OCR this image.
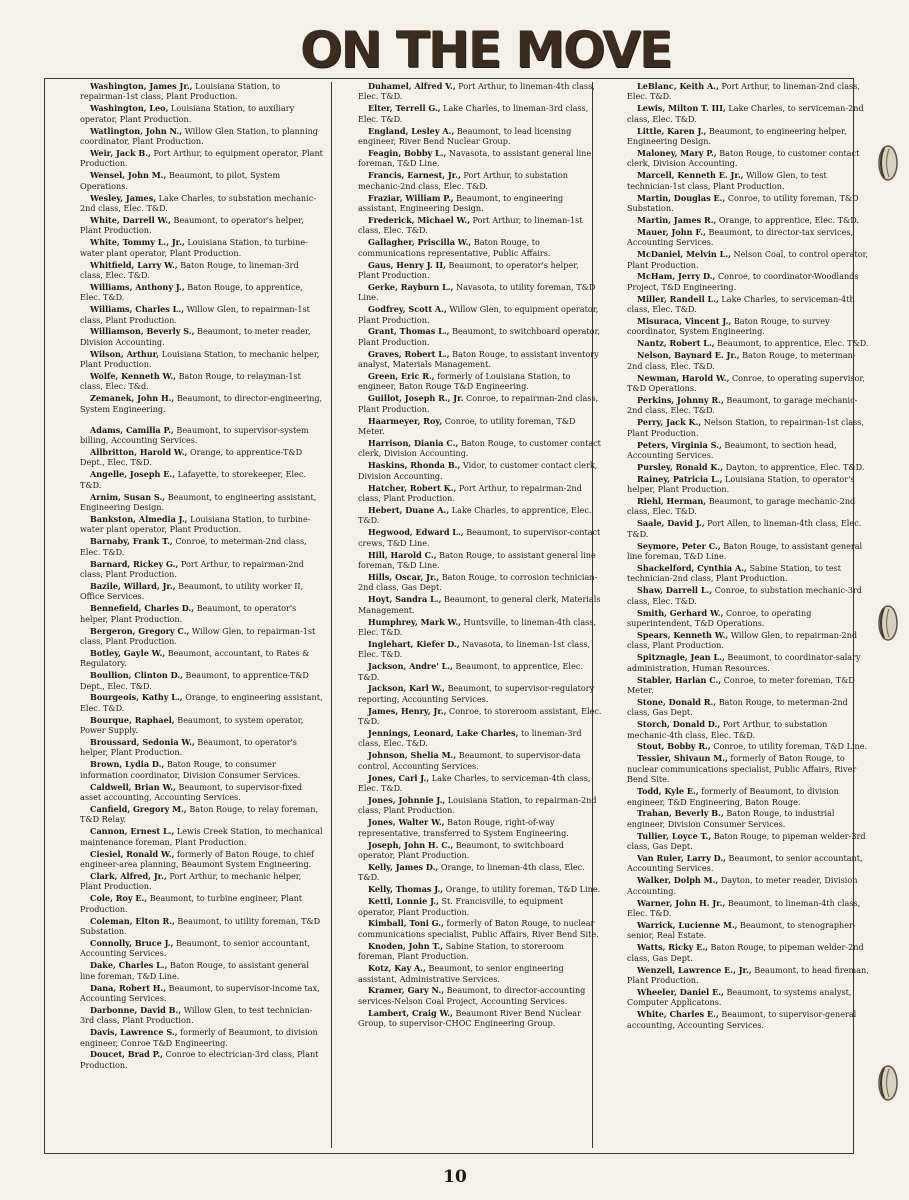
ON THE MOVE
Washington, James Jr., Louisiana Station, to repairman-1st class, Plant Production.
Washington, Leo, Louisiana Station, to auxiliary operator, Plant Production.
Watlington, John N., Willow Glen Station, to planning coordinator, Plant Production.
Weir, Jack B., Port Arthur, to equipment operator, Plant Production.
Wensel, John M., Beaumont, to pilot, System Operations.
Wesley, James, Lake Charles, to substation mechanic-2nd class, Elec. T&D.
White, Darrell W., Beaumont, to operator's helper, Plant Production.
White, Tommy L., Jr., Louisiana Station, to turbine-water plant operator, Plant Production.
Whitfield, Larry W., Baton Rouge, to lineman-3rd class, Elec. T&D.
Williams, Anthony J., Baton Rouge, to apprentice, Elec. T&D.
Williams, Charles L., Willow Glen, to repairman-1st class, Plant Production.
Williamson, Beverly S., Beaumont, to meter reader, Division Accounting.
Wilson, Arthur, Louisiana Station, to mechanic helper, Plant Production.
Wolfe, Kenneth W., Baton Rouge, to relayman-1st class, Elec. T&d.
Zemanek, John H., Beaumont, to director-engineering, System Engineering.
Adams, Camilla P., Beaumont, to supervisor-system billing, Accounting Services.
Allbritton, Harold W., Orange, to apprentice-T&D Dept., Elec. T&D.
Angelle, Joseph E., Lafayette, to storekeeper, Elec. T&D.
Arnim, Susan S., Beaumont, to engineering assistant, Engineering Design.
Bankston, Almedia J., Louisiana Station, to turbine-water plant operator, Plant Production.
Barnaby, Frank T., Conroe, to meterman-2nd class, Elec. T&D.
Barnard, Rickey G., Port Arthur, to repairman-2nd class, Plant Production.
Bazile, Willard, Jr., Beaumont, to utility worker II, Office Services.
Bennefield, Charles D., Beaumont, to operator's helper, Plant Production.
Bergeron, Gregory C., Willow Glen, to repairman-1st class, Plant Production.
Botley, Gayle W., Beaumont, accountant, to Rates & Regulatory.
Boullion, Clinton D., Beaumont, to apprentice-T&D Dept., Elec. T&D.
Bourgeois, Kathy L., Orange, to engineering assistant, Elec. T&D.
Bourque, Raphael, Beaumont, to system operator, Power Supply.
Broussard, Sedonia W., Beaumont, to operator's helper, Plant Production.
Brown, Lydia D., Baton Rouge, to consumer information coordinator, Division Consumer Services.
Caldwell, Brian W., Beaumont, to supervisor-fixed asset accounting, Accounting Services.
Canfield, Gregory M., Baton Rouge, to relay foreman, T&D Relay.
Cannon, Ernest L., Lewis Creek Station, to mechanical maintenance foreman, Plant Production.
Ciesiel, Ronald W., formerly of Baton Rouge, to chief engineer-area planning, Beaumont System Engineering.
Clark, Alfred, Jr., Port Arthur, to mechanic helper, Plant Production.
Cole, Roy E., Beaumont, to turbine engineer, Plant Production.
Coleman, Elton R., Beaumont, to utility foreman, T&D Substation.
Connolly, Bruce J., Beaumont, to senior accountant, Accounting Services.
Dake, Charles L., Baton Rouge, to assistant general line foreman, T&D Line.
Dana, Robert H., Beaumont, to supervisor-income tax, Accounting Services.
Darbonne, David B., Willow Glen, to test technician-3rd class, Plant Production.
Davis, Lawrence S., formerly of Beaumont, to division engineer, Conroe T&D Engineering.
Doucet, Brad P., Conroe to electrician-3rd class, Plant Production.
Duhamel, Alfred V., Port Arthur, to lineman-4th class, Elec. T&D.
Elter, Terrell G., Lake Charles, to lineman-3rd class, Elec. T&D.
England, Lesley A., Beaumont, to lead licensing engineer, River Bend Nuclear Group.
Feagin, Bobby L., Navasota, to assistant general line foreman, T&D Line.
Francis, Earnest, Jr., Port Arthur, to substation mechanic-2nd class, Elec. T&D.
Fraziar, William P., Beaumont, to engineering assistant, Engineering Design.
Frederick, Michael W., Port Arthur, to lineman-1st class, Elec. T&D.
Gallagher, Priscilla W., Baton Rouge, to communications representative, Public Affairs.
Gaus, Henry J. II, Beaumont, to operator's helper, Plant Production.
Gerke, Rayburn L., Navasota, to utility foreman, T&D Line.
Godfrey, Scott A., Willow Glen, to equipment operator, Plant Production.
Grant, Thomas L., Beaumont, to switchboard operator, Plant Production.
Graves, Robert L., Baton Rouge, to assistant inventory analyst, Materials Management.
Green, Eric R., formerly of Louisiana Station, to engineer, Baton Rouge T&D Engineering.
Guillot, Joseph R., Jr. Conroe, to repairman-2nd class, Plant Production.
Haarmeyer, Roy, Conroe, to utility foreman, T&D Meter.
Harrison, Diania C., Baton Rouge, to customer contact clerk, Division Accounting.
Haskins, Rhonda B., Vidor, to customer contact clerk, Division Accounting.
Hatcher, Robert K., Port Arthur, to repairman-2nd class, Plant Production.
Hebert, Duane A., Lake Charles, to apprentice, Elec. T&D.
Hegwood, Edward L., Beaumont, to supervisor-contact crews, T&D Line.
Hill, Harold C., Baton Rouge, to assistant general line foreman, T&D Line.
Hills, Oscar, Jr., Baton Rouge, to corrosion technician-2nd class, Gas Dept.
Hoyt, Sandra L., Beaumont, to general clerk, Materials Management.
Humphrey, Mark W., Huntsville, to lineman-4th class, Elec. T&D.
Inglehart, Kiefer D., Navasota, to lineman-1st class, Elec. T&D.
Jackson, Andre' L., Beaumont, to apprentice, Elec. T&D.
Jackson, Karl W., Beaumont, to supervisor-regulatory reporting, Accounting Services.
James, Henry, Jr., Conroe, to storeroom assistant, Elec. T&D.
Jennings, Leonard, Lake Charles, to lineman-3rd class, Elec. T&D.
Johnson, Shelia M., Beaumont, to supervisor-data control, Accounting Services.
Jones, Carl J., Lake Charles, to serviceman-4th class, Elec. T&D.
Jones, Johnnie J., Louisiana Station, to repairman-2nd class, Plant Production.
Jones, Walter W., Baton Rouge, right-of-way representative, transferred to System Engineering.
Joseph, John H. C., Beaumont, to switchboard operator, Plant Production.
Kelly, James D., Orange, to lineman-4th class, Elec. T&D.
Kelly, Thomas J., Orange, to utility foreman, T&D Line.
Kettl, Lonnie J., St. Francisville, to equipment operator, Plant Production.
Kimball, Toni G., formerly of Baton Rouge, to nuclear communications specialist, Public Affairs, River Bend Site.
Knoden, John T., Sabine Station, to storeroom foreman, Plant Production.
Kotz, Kay A., Beaumont, to senior engineering assistant, Administrative Services.
Kramer, Gary N., Beaumont, to director-accounting services-Nelson Coal Project, Accounting Services.
Lambert, Craig W., Beaumont River Bend Nuclear Group, to supervisor-CHOC Engineering Group.
LeBlanc, Keith A., Port Arthur, to lineman-2nd class, Elec. T&D.
Lewis, Milton T. III, Lake Charles, to serviceman-2nd class, Elec. T&D.
Little, Karen J., Beaumont, to engineering helper, Engineering Design.
Maloney, Mary P., Baton Rouge, to customer contact clerk, Division Accounting.
Marcell, Kenneth E. Jr., Willow Glen, to test technician-1st class, Plant Production.
Martin, Douglas E., Conroe, to utility foreman, T&D Substation.
Martin, James R., Orange, to apprentice, Elec. T&D.
Mauer, John F., Beaumont, to director-tax services, Accounting Services.
McDaniel, Melvin L., Nelson Coal, to control operator, Plant Production.
McHam, Jerry D., Conroe, to coordinator-Woodlands Project, T&D Engineering.
Miller, Randell L., Lake Charles, to serviceman-4th class, Elec. T&D.
Misuraca, Vincent J., Baton Rouge, to survey coordinator, System Engineering.
Nantz, Robert L., Beaumont, to apprentice, Elec. T&D.
Nelson, Baynard E. Jr., Baton Rouge, to meterman-2nd class, Elec. T&D.
Newman, Harold W., Conroe, to operating supervisor, T&D Operations.
Perkins, Johnny R., Beaumont, to garage mechanic-2nd class, Elec. T&D.
Perry, Jack K., Nelson Station, to repairman-1st class, Plant Production.
Peters, Virginia S., Beaumont, to section head, Accounting Services.
Pursley, Ronald K., Dayton, to apprentice, Elec. T&D.
Rainey, Patricia L., Louisiana Station, to operator's helper, Plant Production.
Riehl, Herman, Beaumont, to garage mechanic-2nd class, Elec. T&D.
Saale, David J., Port Allen, to lineman-4th class, Elec. T&D.
Seymore, Peter C., Baton Rouge, to assistant general line foreman, T&D Line.
Shackelford, Cynthia A., Sabine Station, to test technician-2nd class, Plant Production.
Shaw, Darrell L., Conroe, to substation mechanic-3rd class, Elec. T&D.
Smith, Gerhard W., Conroe, to operating superintendent, T&D Operations.
Spears, Kenneth W., Willow Glen, to repairman-2nd class, Plant Production.
Spitznagle, Jean L., Beaumont, to coordinator-salary administration, Human Resources.
Stabler, Harlan C., Conroe, to meter foreman, T&D Meter.
Stone, Donald R., Baton Rouge, to meterman-2nd class, Gas Dept.
Storch, Donald D., Port Arthur, to substation mechanic-4th class, Elec. T&D.
Stout, Bobby R., Conroe, to utility foreman, T&D Line.
Tessier, Shivaun M., formerly of Baton Rouge, to nuclear communications specialist, Public Affairs, River Bend Site.
Todd, Kyle E., formerly of Beaumont, to division engineer, T&D Engineering, Baton Rouge.
Trahan, Beverly B., Baton Rouge, to industrial engineer, Division Consumer Services.
Tullier, Loyce T., Baton Rouge, to pipeman welder-3rd class, Gas Dept.
Van Ruler, Larry D., Beaumont, to senior accountant, Accounting Services.
Walker, Dolph M., Dayton, to meter reader, Division Accounting.
Warner, John H. Jr., Beaumont, to lineman-4th class, Elec. T&D.
Warrick, Lucienne M., Beaumont, to stenographer-senior, Real Estate.
Watts, Ricky E., Baton Rouge, to pipeman welder-2nd class, Gas Dept.
Wenzell, Lawrence E., Jr., Beaumont, to head fireman, Plant Production.
Wheeler, Daniel E., Beaumont, to systems analyst, Computer Applicatons.
White, Charles E., Beaumont, to supervisor-general accounting, Accounting Services.
10
